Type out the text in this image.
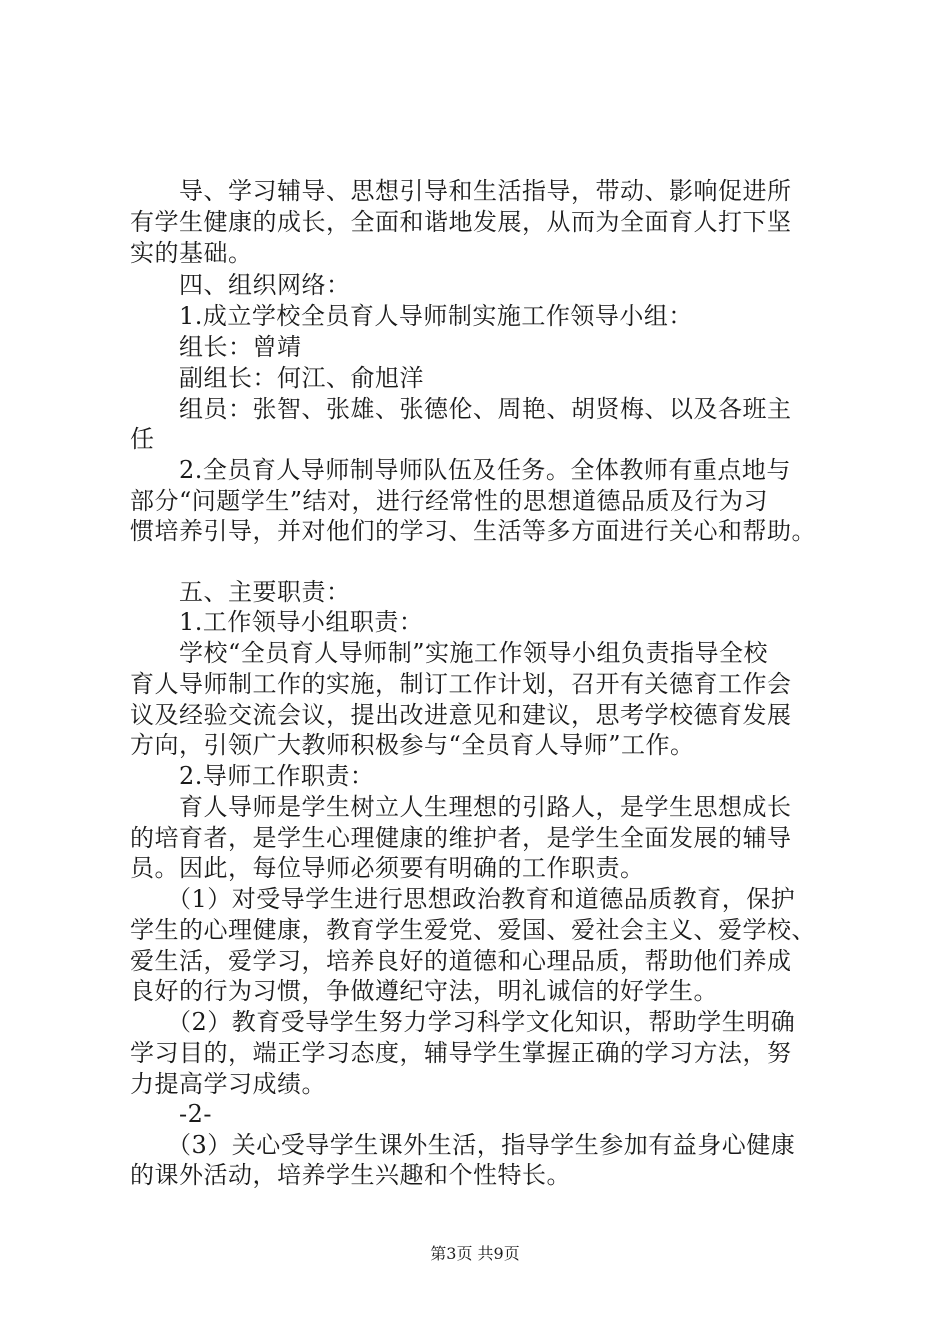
　　导、学习辅导、思想引导和生活指导，带动、影响促进所
有学生健康的成长，全面和谐地发展，从而为全面育人打下坚
实的基础。
　　四、组织网络：
　　1.成立学校全员育人导师制实施工作领导小组：
　　组长：曾靖
　　副组长：何江、俞旭洋
　　组员：张智、张雄、张德伦、周艳、胡贤梅、以及各班主
任
　　2.全员育人导师制导师队伍及任务。全体教师有重点地与
部分“问题学生”结对，进行经常性的思想道德品质及行为习
惯培养引导，并对他们的学习、生活等多方面进行关心和帮助。
　　五、主要职责：
　　1.工作领导小组职责：
　　学校“全员育人导师制”实施工作领导小组负责指导全校
育人导师制工作的实施，制订工作计划，召开有关德育工作会
议及经验交流会议，提出改进意见和建议，思考学校德育发展
方向，引领广大教师积极参与“全员育人导师”工作。
　　2.导师工作职责：
　　育人导师是学生树立人生理想的引路人，是学生思想成长
的培育者，是学生心理健康的维护者，是学生全面发展的辅导
员。因此，每位导师必须要有明确的工作职责。
　　（1）对受导学生进行思想政治教育和道德品质教育，保护
学生的心理健康，教育学生爱党、爱国、爱社会主义、爱学校、
爱生活，爱学习，培养良好的道德和心理品质，帮助他们养成
良好的行为习惯，争做遵纪守法，明礼诚信的好学生。
　　（2）教育受导学生努力学习科学文化知识，帮助学生明确
学习目的，端正学习态度，辅导学生掌握正确的学习方法，努
力提高学习成绩。
　　-2-
　　（3）关心受导学生课外生活，指导学生参加有益身心健康
的课外活动，培养学生兴趣和个性特长。
第3页 共9页
